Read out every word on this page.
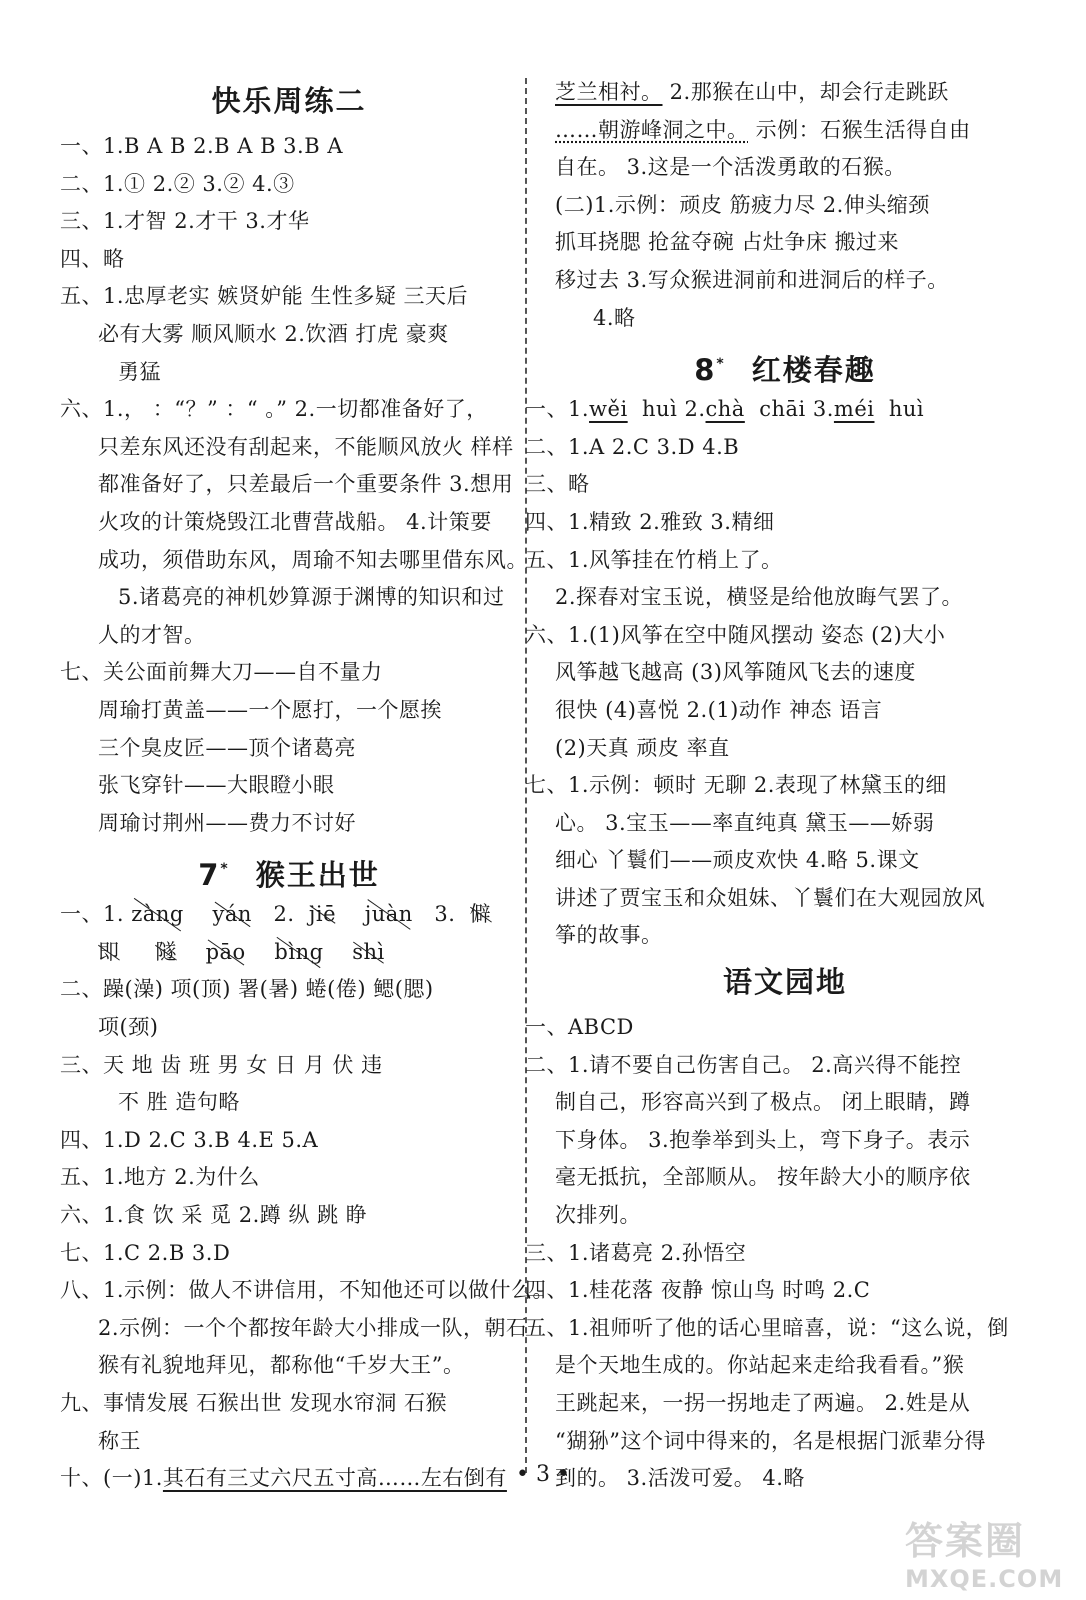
快乐周练二
一、1.B A B 2.B A B 3.B A
二、1.① 2.② 3.② 4.③
三、1.才智 2.才干 3.才华
四、略
五、1.忠厚老实 嫉贤妒能 生性多疑 三天后
必有大雾 顺风顺水 2.饮酒 打虎 豪爽
勇猛
六、1.， ：“？” ：“ 。” 2.一切都准备好了，
只差东风还没有刮起来，不能顺风放火 样样
都准备好了，只差最后一个重要条件 3.想用
火攻的计策烧毁江北曹营战船。 4.计策要
成功，须借助东风，周瑜不知去哪里借东风。
5.诸葛亮的神机妙算源于渊博的知识和过
人的才智。
七、关公面前舞大刀——自不量力
周瑜打黄盖——一个愿打，一个愿挨
三个臭皮匠——顶个诸葛亮
张飞穿针——大眼瞪小眼
周瑜讨荆州——费力不讨好
7* 猴王出世
一、1. zàng yán 2. jiē juàn 3. 僻
即 隧 pāo bìng shì
二、躁(澡) 项(顶) 署(暑) 蜷(倦) 鳃(腮)
项(颈)
三、天 地 齿 班 男 女 日 月 伏 违
不 胜 造句略
四、1.D 2.C 3.B 4.E 5.A
五、1.地方 2.为什么
六、1.食 饮 采 觅 2.蹲 纵 跳 睁
七、1.C 2.B 3.D
八、1.示例：做人不讲信用，不知他还可以做什么。
2.示例：一个个都按年龄大小排成一队，朝石
猴有礼貌地拜见，都称他“千岁大王”。
九、事情发展 石猴出世 发现水帘洞 石猴
称王
十、(一)1.其石有三丈六尺五寸高……左右倒有
芝兰相衬。 2.那猴在山中，却会行走跳跃
……朝游峰洞之中。 示例：石猴生活得自由
自在。 3.这是一个活泼勇敢的石猴。
(二)1.示例：顽皮 筋疲力尽 2.伸头缩颈
抓耳挠腮 抢盆夺碗 占灶争床 搬过来
移过去 3.写众猴进洞前和进洞后的样子。
4.略
8* 红楼春趣
一、1.wěi huì 2.chà chāi 3.méi huì
二、1.A 2.C 3.D 4.B
三、略
四、1.精致 2.雅致 3.精细
五、1.风筝挂在竹梢上了。
2.探春对宝玉说，横竖是给他放晦气罢了。
六、1.(1)风筝在空中随风摆动 姿态 (2)大小
风筝越飞越高 (3)风筝随风飞去的速度
很快 (4)喜悦 2.(1)动作 神态 语言
(2)天真 顽皮 率直
七、1.示例：顿时 无聊 2.表现了林黛玉的细
心。 3.宝玉——率直纯真 黛玉——娇弱
细心 丫鬟们——顽皮欢快 4.略 5.课文
讲述了贾宝玉和众姐妹、丫鬟们在大观园放风
筝的故事。
语文园地
一、ABCD
二、1.请不要自己伤害自己。 2.高兴得不能控
制自己，形容高兴到了极点。 闭上眼睛，蹲
下身体。 3.抱拳举到头上，弯下身子。表示
毫无抵抗，全部顺从。 按年龄大小的顺序依
次排列。
三、1.诸葛亮 2.孙悟空
四、1.桂花落 夜静 惊山鸟 时鸣 2.C
五、1.祖师听了他的话心里暗喜，说：“这么说，倒
是个天地生成的。你站起来走给我看看。”猴
王跳起来，一拐一拐地走了两遍。 2.姓是从
“猢狲”这个词中得来的，名是根据门派辈分得
到的。 3.活泼可爱。 4.略
• 3 •
答案圈
MXQE.COM
